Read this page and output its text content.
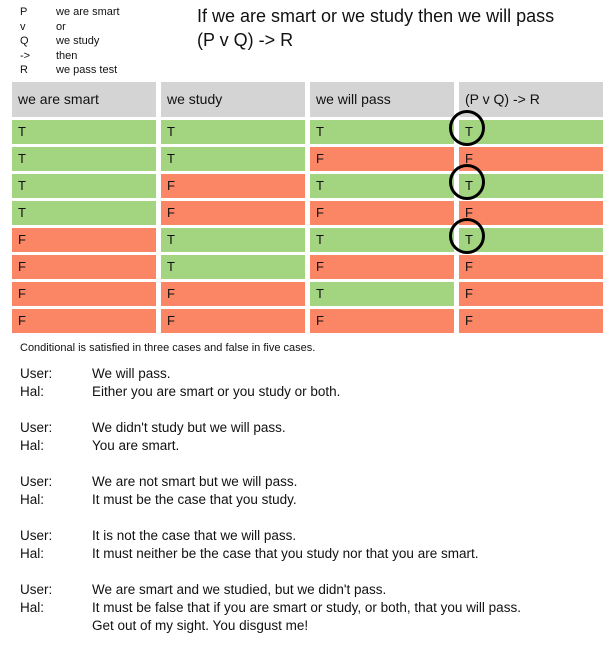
P	we are smart
v	or
Q	we study
->	then
R	we pass test
If we are smart or we study then we will pass
(P v Q) -> R
we are smart	we study	we will pass	(P v Q) -> R
T	T	T	T
T	T	F	F
T	F	T	T
T	F	F	F
F	T	T	T
F	T	F	F
F	F	T	F
F	F	F	F
Conditional is satisfied in three cases and false in five cases.
User:	We will pass.
Hal:	Either you are smart or you study or both.
User:	We didn't study but we will pass.
Hal:	You are smart.
User:	We are not smart but we will pass.
Hal:	It must be the case that you study.
User:	It is not the case that we will pass.
Hal:	It must neither be the case that you study nor that you are smart.
User:	We are smart and we studied, but we didn't pass.
Hal:	It must be false that if you are smart or study, or both, that you will pass.
Get out of my sight. You disgust me!
